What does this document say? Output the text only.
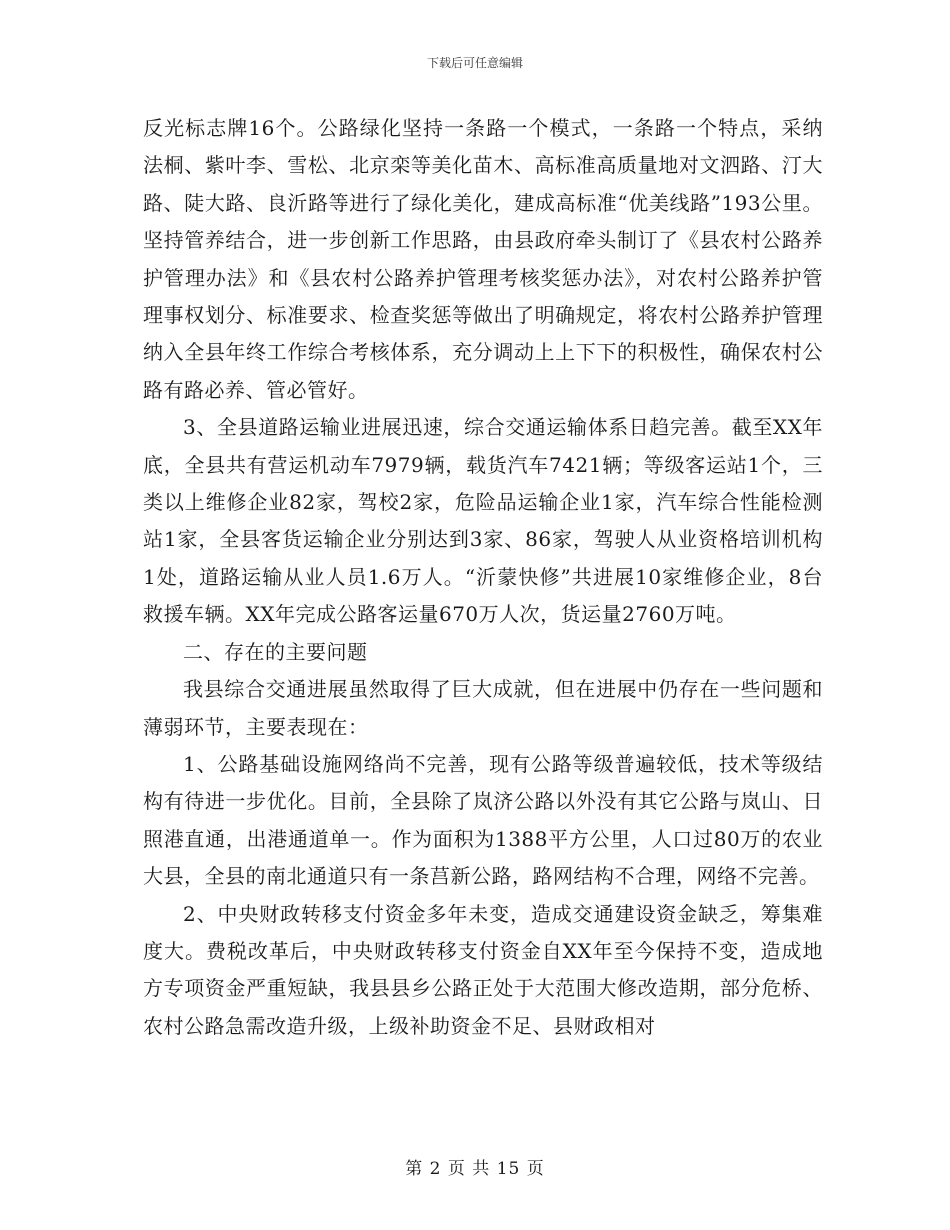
下载后可任意编辑

反光标志牌16个。公路绿化坚持一条路一个模式，一条路一个特点，采纳法桐、紫叶李、雪松、北京栾等美化苗木、高标准高质量地对文泗路、汀大路、陡大路、良沂路等进行了绿化美化，建成高标准“优美线路”193公里。坚持管养结合，进一步创新工作思路，由县政府牵头制订了《县农村公路养护管理办法》和《县农村公路养护管理考核奖惩办法》，对农村公路养护管理事权划分、标准要求、检查奖惩等做出了明确规定，将农村公路养护管理纳入全县年终工作综合考核体系，充分调动上上下下的积极性，确保农村公路有路必养、管必管好。

3、全县道路运输业进展迅速，综合交通运输体系日趋完善。截至XX年底，全县共有营运机动车7979辆，载货汽车7421辆；等级客运站1个，三类以上维修企业82家，驾校2家，危险品运输企业1家，汽车综合性能检测站1家，全县客货运输企业分别达到3家、86家，驾驶人从业资格培训机构1处，道路运输从业人员1.6万人。“沂蒙快修”共进展10家维修企业，8台救援车辆。XX年完成公路客运量670万人次，货运量2760万吨。

二、存在的主要问题

我县综合交通进展虽然取得了巨大成就，但在进展中仍存在一些问题和薄弱环节，主要表现在：

1、公路基础设施网络尚不完善，现有公路等级普遍较低，技术等级结构有待进一步优化。目前，全县除了岚济公路以外没有其它公路与岚山、日照港直通，出港通道单一。作为面积为1388平方公里，人口过80万的农业大县，全县的南北通道只有一条莒新公路，路网结构不合理，网络不完善。

2、中央财政转移支付资金多年未变，造成交通建设资金缺乏，筹集难度大。费税改革后，中央财政转移支付资金自XX年至今保持不变，造成地方专项资金严重短缺，我县县乡公路正处于大范围大修改造期，部分危桥、农村公路急需改造升级，上级补助资金不足、县财政相对

第 2 页 共 15 页
